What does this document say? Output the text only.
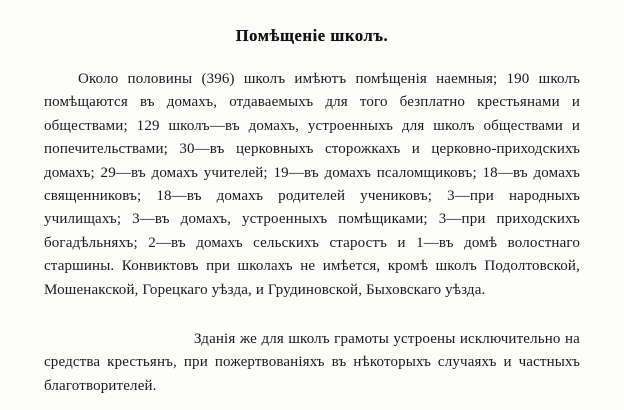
Помѣщеніе школъ.

Около половины (396) школъ имѣютъ помѣщенія наемныя; 190 школъ помѣщаются въ домахъ, отдаваемыхъ для того безплатно крестьянами и обществами; 129 школъ—въ домахъ, устроенныхъ для школъ обществами и попечительствами; 30—въ церковныхъ сторожкахъ и церковно-приходскихъ домахъ; 29—въ домахъ учителей; 19—въ домахъ псаломщиковъ; 18—въ домахъ священниковъ; 18—въ домахъ родителей учениковъ; 3—при народныхъ училищахъ; 3—въ домахъ, устроенныхъ помѣщиками; 3—при приходскихъ богадѣльняхъ; 2—въ домахъ сельскихъ старостъ и 1—въ домѣ волостнаго старшины. Конвиктовъ при школахъ не имѣется, кромѣ школъ Подолтовской, Мошенакской, Горецкаго уѣзда, и Грудиновской, Быховскаго уѣзда.

Зданія же для школъ грамоты устроены исключительно на средства крестьянъ, при пожертвованіяхъ въ нѣкоторыхъ случаяхъ и частныхъ благотворителей.
